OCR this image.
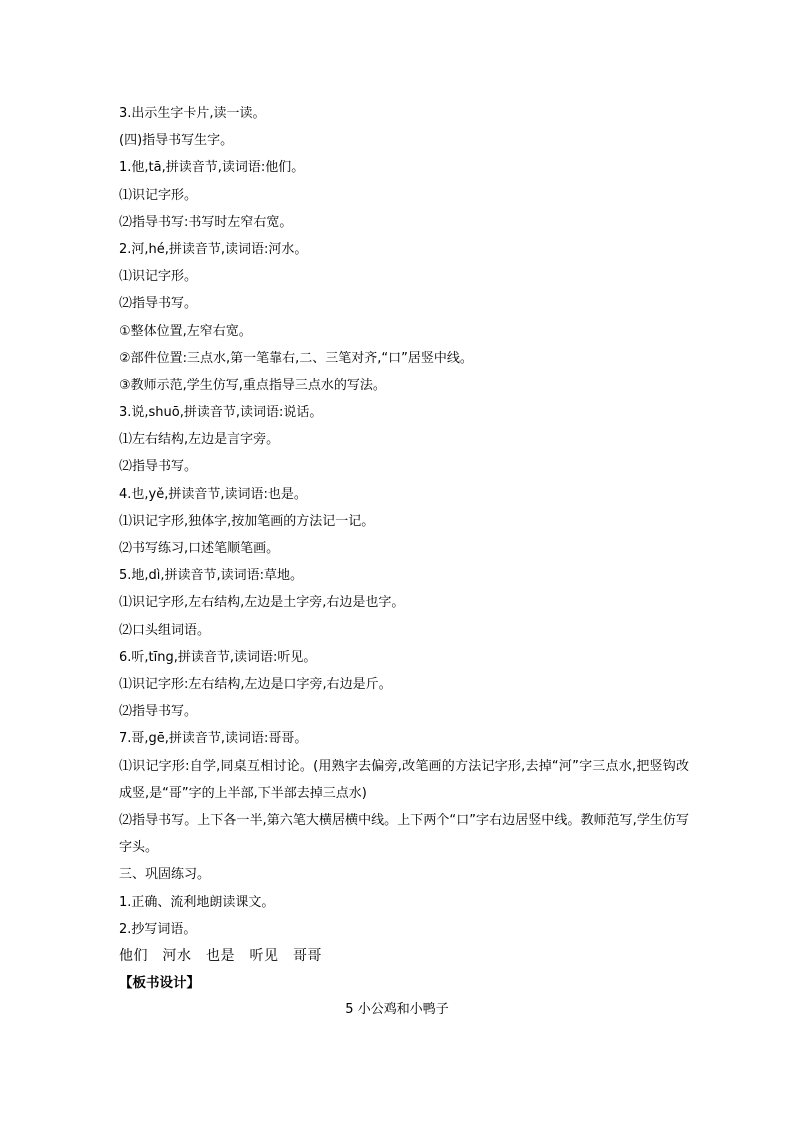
3.出示生字卡片,读一读。
(四)指导书写生字。
1.他,tā,拼读音节,读词语:他们。
⑴识记字形。
⑵指导书写:书写时左窄右宽。
2.河,hé,拼读音节,读词语:河水。
⑴识记字形。
⑵指导书写。
①整体位置,左窄右宽。
②部件位置:三点水,第一笔靠右,二、三笔对齐,“口”居竖中线。
③教师示范,学生仿写,重点指导三点水的写法。
3.说,shuō,拼读音节,读词语:说话。
⑴左右结构,左边是言字旁。
⑵指导书写。
4.也,yě,拼读音节,读词语:也是。
⑴识记字形,独体字,按加笔画的方法记一记。
⑵书写练习,口述笔顺笔画。
5.地,dì,拼读音节,读词语:草地。
⑴识记字形,左右结构,左边是土字旁,右边是也字。
⑵口头组词语。
6.听,tīng,拼读音节,读词语:听见。
⑴识记字形:左右结构,左边是口字旁,右边是斤。
⑵指导书写。
7.哥,gē,拼读音节,读词语:哥哥。
⑴识记字形:自学,同桌互相讨论。(用熟字去偏旁,改笔画的方法记字形,去掉“河”字三点水,把竖钩改成竖,是“哥”字的上半部,下半部去掉三点水)
⑵指导书写。上下各一半,第六笔大横居横中线。上下两个“口”字右边居竖中线。教师范写,学生仿写字头。
三、巩固练习。
1.正确、流利地朗读课文。
2.抄写词语。
他们　河水　也是　听见　哥哥
【板书设计】
5 小公鸡和小鸭子
